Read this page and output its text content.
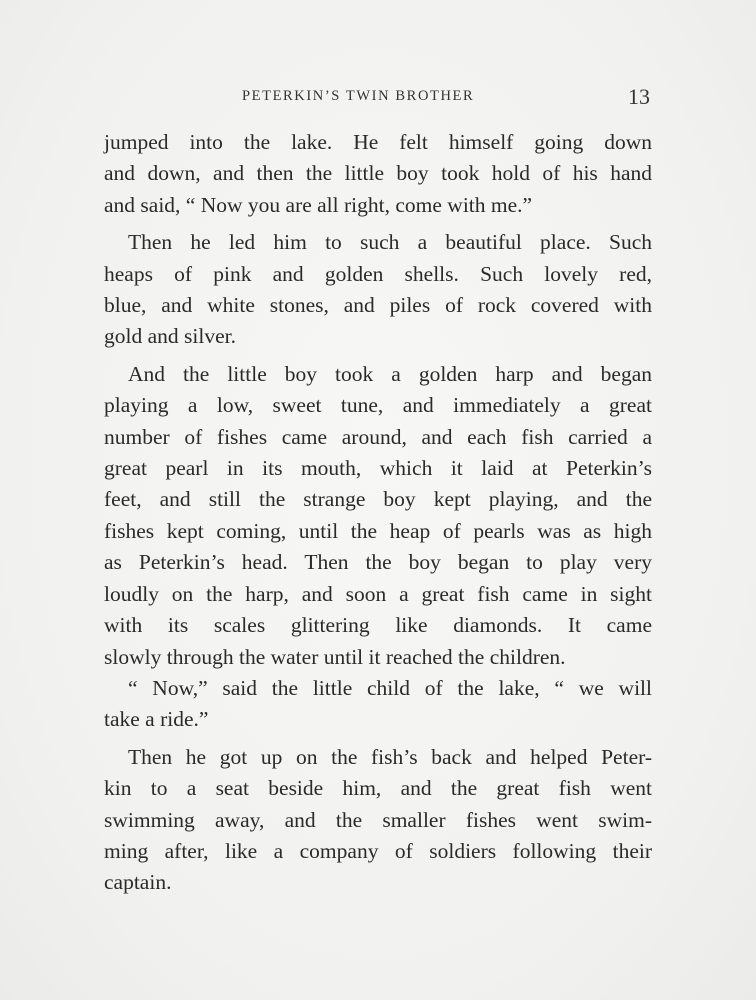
PETERKIN’S TWIN BROTHER	13

jumped into the lake. He felt himself going down
and down, and then the little boy took hold of his hand
and said, “ Now you are all right, come with me.”

Then he led him to such a beautiful place. Such
heaps of pink and golden shells. Such lovely red,
blue, and white stones, and piles of rock covered with
gold and silver.

And the little boy took a golden harp and began
playing a low, sweet tune, and immediately a great
number of fishes came around, and each fish carried a
great pearl in its mouth, which it laid at Peterkin’s
feet, and still the strange boy kept playing, and the
fishes kept coming, until the heap of pearls was as high
as Peterkin’s head. Then the boy began to play very
loudly on the harp, and soon a great fish came in sight
with its scales glittering like diamonds. It came
slowly through the water until it reached the children.

“ Now,” said the little child of the lake, “ we will
take a ride.”

Then he got up on the fish’s back and helped Peter-
kin to a seat beside him, and the great fish went
swimming away, and the smaller fishes went swim-
ming after, like a company of soldiers following their
captain.
